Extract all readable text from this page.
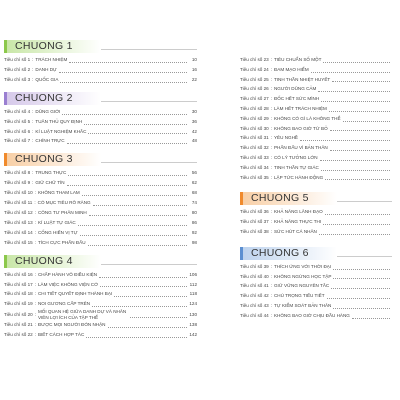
CHUONG 1
Tiêu chí số 1 : TRÁCH NHIỆM	10
Tiêu chí số 2 : DANH DỰ	16
Tiêu chí số 3 : QUỐC GIA	22
CHUONG 2
Tiêu chí số 4 : DŨNG GIỚI	30
Tiêu chí số 5 : TUÂN THỦ QUY ĐỊNH	36
Tiêu chí số 6 : KÍ LUẬT NGHIỆM KHẮC	42
Tiêu chí số 7 : CHÍNH TRỰC	48
CHUONG 3
Tiêu chí số 8 : TRUNG THỰC	56
Tiêu chí số 9 : GIỮ CHỮ TÍN	62
Tiêu chí số 10 : KHÔNG THAM LAM	68
Tiêu chí số 11 : CÓ MỤC TIÊU RÕ RÀNG	74
Tiêu chí số 12 : CÔNG TƯ PHÂN MINH	80
Tiêu chí số 13 : KÍ LUẬT TỰ GIÁC	86
Tiêu chí số 14 : CỐNG HIẾN VỊ TỰ	92
Tiêu chí số 15 : TÍCH CỰC PHẤN ĐẤU	98
CHUONG 4
Tiêu chí số 16 : CHẤP HÀNH VÔ ĐIỀU KIỆN	106
Tiêu chí số 17 : LÀM VIỆC KHÔNG VIỆN CỚ	112
Tiêu chí số 18 : CHI TIẾT QUYẾT ĐỊNH THÀNH BẠI	118
Tiêu chí số 19 : NOI GƯƠNG CẤP TRÊN	124
Tiêu chí số 20 :
MỐI QUAN HỆ GIỮA DANH DỰ VÀ NHÂN VIÊN LỢI ÍCH CỦA TẬP THỂ	130
Tiêu chí số 21 : ĐƯỢC MỌI NGƯỜI ĐÓN NHẬN	138
Tiêu chí số 22 : BIẾT CÁCH HỢP TÁC	142
Tiêu chí số 23 : TIÊU CHUẨN SỐ MỘT
Tiêu chí số 24 : ĐAM MẠO HIỂM
Tiêu chí số 25 : TINH THẦN NHIỆT HUYẾT
Tiêu chí số 26 : NGƯỜI DŨNG CẢM
Tiêu chí số 27 : ĐỐC HẾT SỨC MÌNH
Tiêu chí số 28 : LÀM HẾT TRÁCH NHIỆM
Tiêu chí số 29 : KHÔNG CÓ GÌ LÀ KHÔNG THỂ
Tiêu chí số 30 : KHÔNG BAO GIỜ TỪ BỎ
Tiêu chí số 31 : YÊU NGHỀ
Tiêu chí số 32 : PHẤN ĐẤU VÌ BẢN THÂN
Tiêu chí số 33 : CÓ LÝ TƯỞNG LỚN
Tiêu chí số 34 : TINH THẦN TỰ GIÁC
Tiêu chí số 35 : LẬP TỨC HÀNH ĐỘNG
CHUONG 5
Tiêu chí số 36 : KHẢ NĂNG LÃNH ĐẠO
Tiêu chí số 37 : KHẢ NĂNG THỰC THI
Tiêu chí số 38 : SỨC HÚT CÁ NHÂN
CHUONG 6
Tiêu chí số 39 : THÍCH ỨNG VỚI THỜI ĐẠI
Tiêu chí số 40 : KHÔNG NGỪNG HỌC TẬP
Tiêu chí số 41 : GIỮ VỮNG NGUYÊN TẮC
Tiêu chí số 42 : CHÚ TRỌNG TIẾU TIẾT
Tiêu chí số 43 : TỰ KIỂM SOÁT BẢN THÂN
Tiêu chí số 44 : KHÔNG BAO GIỜ CHỊU ĐẦU HÀNG
